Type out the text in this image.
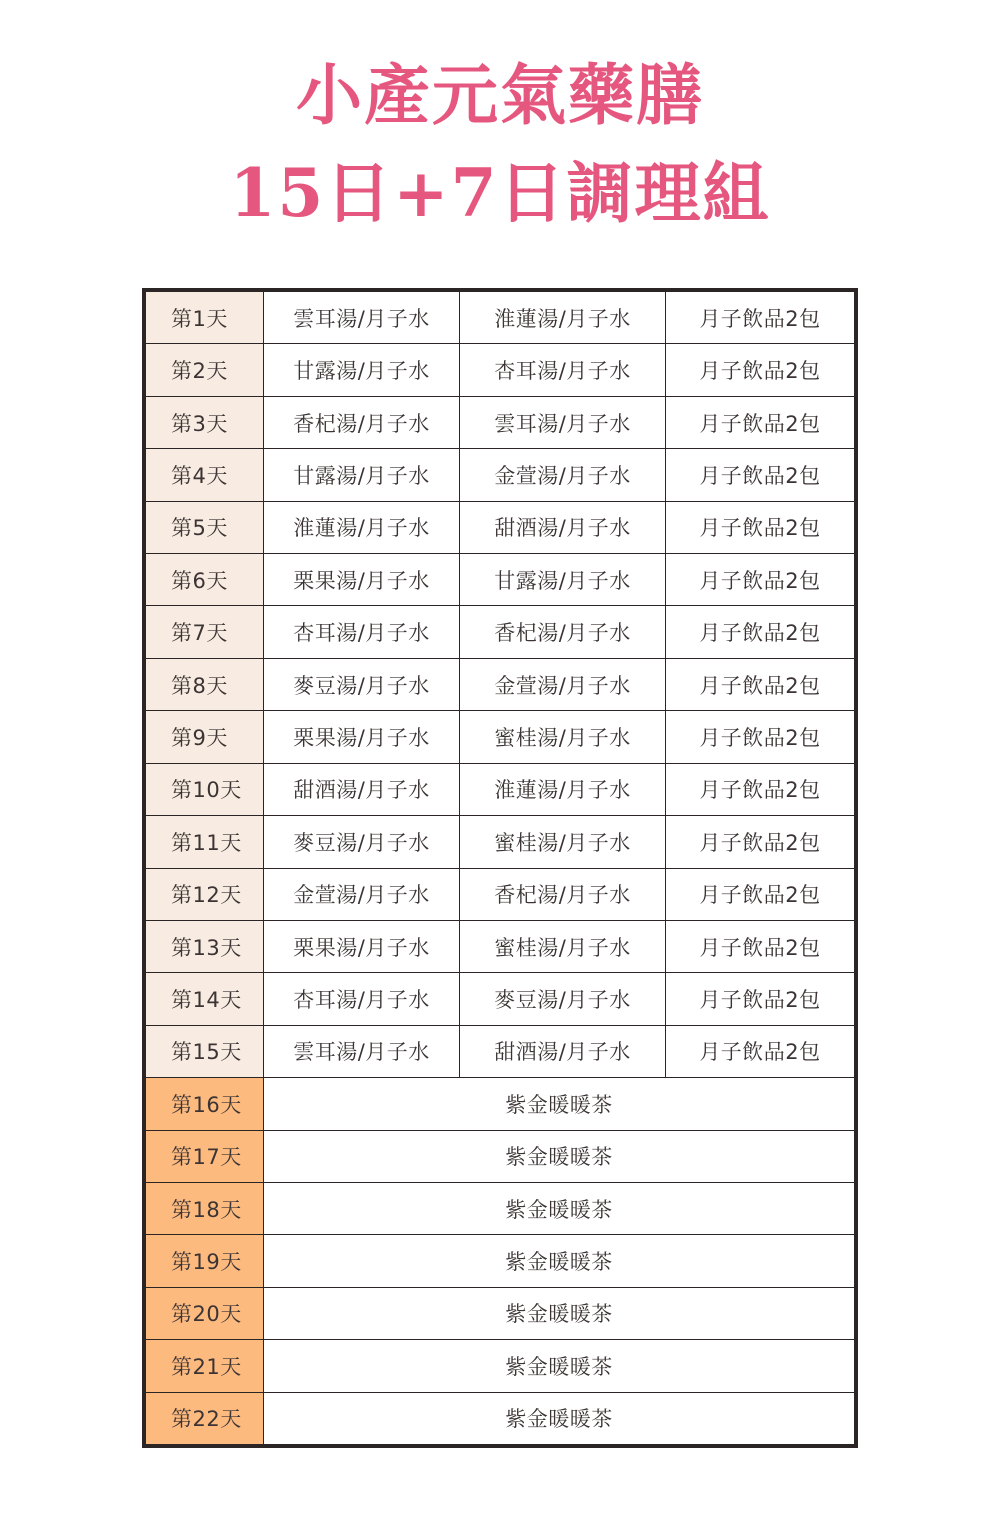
小產元氣藥膳
15日+7日調理組
第1天	雲耳湯/月子水	淮蓮湯/月子水	月子飲品2包
第2天	甘露湯/月子水	杏耳湯/月子水	月子飲品2包
第3天	香杞湯/月子水	雲耳湯/月子水	月子飲品2包
第4天	甘露湯/月子水	金萱湯/月子水	月子飲品2包
第5天	淮蓮湯/月子水	甜酒湯/月子水	月子飲品2包
第6天	栗果湯/月子水	甘露湯/月子水	月子飲品2包
第7天	杏耳湯/月子水	香杞湯/月子水	月子飲品2包
第8天	麥豆湯/月子水	金萱湯/月子水	月子飲品2包
第9天	栗果湯/月子水	蜜桂湯/月子水	月子飲品2包
第10天	甜酒湯/月子水	淮蓮湯/月子水	月子飲品2包
第11天	麥豆湯/月子水	蜜桂湯/月子水	月子飲品2包
第12天	金萱湯/月子水	香杞湯/月子水	月子飲品2包
第13天	栗果湯/月子水	蜜桂湯/月子水	月子飲品2包
第14天	杏耳湯/月子水	麥豆湯/月子水	月子飲品2包
第15天	雲耳湯/月子水	甜酒湯/月子水	月子飲品2包
第16天	紫金暖暖茶
第17天	紫金暖暖茶
第18天	紫金暖暖茶
第19天	紫金暖暖茶
第20天	紫金暖暖茶
第21天	紫金暖暖茶
第22天	紫金暖暖茶
